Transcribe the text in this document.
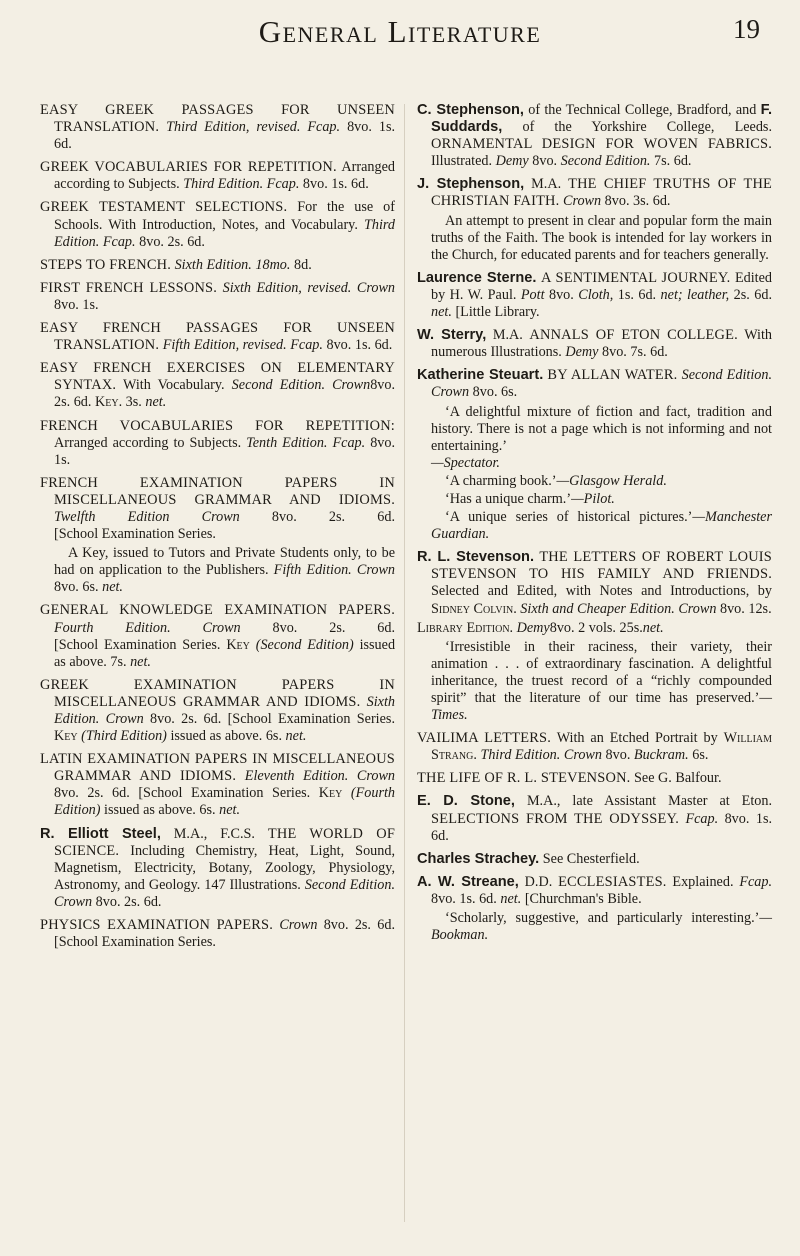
General Literature	19

EASY GREEK PASSAGES FOR UNSEEN TRANSLATION. Third Edition, revised. Fcap. 8vo. 1s. 6d.

GREEK VOCABULARIES FOR REPETITION. Arranged according to Subjects. Third Edition. Fcap. 8vo. 1s. 6d.

GREEK TESTAMENT SELECTIONS. For the use of Schools. With Introduction, Notes, and Vocabulary. Third Edition. Fcap. 8vo. 2s. 6d.

STEPS TO FRENCH. Sixth Edition. 18mo. 8d.

FIRST FRENCH LESSONS. Sixth Edition, revised. Crown 8vo. 1s.

EASY FRENCH PASSAGES FOR UNSEEN TRANSLATION. Fifth Edition, revised. Fcap. 8vo. 1s. 6d.

EASY FRENCH EXERCISES ON ELEMENTARY SYNTAX. With Vocabulary. Second Edition. Crown8vo. 2s. 6d. Key. 3s. net.

FRENCH VOCABULARIES FOR REPETITION: Arranged according to Subjects. Tenth Edition. Fcap. 8vo. 1s.

FRENCH EXAMINATION PAPERS IN MISCELLANEOUS GRAMMAR AND IDIOMS. Twelfth Edition Crown 8vo. 2s. 6d. [School Examination Series.

A Key, issued to Tutors and Private Students only, to be had on application to the Publishers. Fifth Edition. Crown 8vo. 6s. net.

GENERAL KNOWLEDGE EXAMINATION PAPERS. Fourth Edition. Crown 8vo. 2s. 6d. [School Examination Series. Key (Second Edition) issued as above. 7s. net.

GREEK EXAMINATION PAPERS IN MISCELLANEOUS GRAMMAR AND IDIOMS. Sixth Edition. Crown 8vo. 2s. 6d. [School Examination Series. Key (Third Edition) issued as above. 6s. net.

LATIN EXAMINATION PAPERS IN MISCELLANEOUS GRAMMAR AND IDIOMS. Eleventh Edition. Crown 8vo. 2s. 6d. [School Examination Series. Key (Fourth Edition) issued as above. 6s. net.

R. Elliott Steel, M.A., F.C.S. THE WORLD OF SCIENCE. Including Chemistry, Heat, Light, Sound, Magnetism, Electricity, Botany, Zoology, Physiology, Astronomy, and Geology. 147 Illustrations. Second Edition. Crown 8vo. 2s. 6d.

PHYSICS EXAMINATION PAPERS. Crown 8vo. 2s. 6d. [School Examination Series.

C. Stephenson, of the Technical College, Bradford, and F. Suddards, of the Yorkshire College, Leeds. ORNAMENTAL DESIGN FOR WOVEN FABRICS. Illustrated. Demy 8vo. Second Edition. 7s. 6d.

J. Stephenson, M.A. THE CHIEF TRUTHS OF THE CHRISTIAN FAITH. Crown 8vo. 3s. 6d.

An attempt to present in clear and popular form the main truths of the Faith. The book is intended for lay workers in the Church, for educated parents and for teachers generally.

Laurence Sterne. A SENTIMENTAL JOURNEY. Edited by H. W. Paul. Pott 8vo. Cloth, 1s. 6d. net; leather, 2s. 6d. net. [Little Library.

W. Sterry, M.A. ANNALS OF ETON COLLEGE. With numerous Illustrations. Demy 8vo. 7s. 6d.

Katherine Steuart. BY ALLAN WATER. Second Edition. Crown 8vo. 6s.

‘A delightful mixture of fiction and fact, tradition and history. There is not a page which is not informing and not entertaining.’
—Spectator.

‘A charming book.’—Glasgow Herald.

‘Has a unique charm.’—Pilot.

‘A unique series of historical pictures.’—Manchester Guardian.

R. L. Stevenson. THE LETTERS OF ROBERT LOUIS STEVENSON TO HIS FAMILY AND FRIENDS. Selected and Edited, with Notes and Introductions, by Sidney Colvin. Sixth and Cheaper Edition. Crown 8vo. 12s.

Library Edition. Demy8vo. 2 vols. 25s.net.

‘Irresistible in their raciness, their variety, their animation . . . of extraordinary fascination. A delightful inheritance, the truest record of a “richly compounded spirit” that the literature of our time has preserved.’—Times.

VAILIMA LETTERS. With an Etched Portrait by William Strang. Third Edition. Crown 8vo. Buckram. 6s.

THE LIFE OF R. L. STEVENSON. See G. Balfour.

E. D. Stone, M.A., late Assistant Master at Eton. SELECTIONS FROM THE ODYSSEY. Fcap. 8vo. 1s. 6d.

Charles Strachey. See Chesterfield.

A. W. Streane, D.D. ECCLESIASTES. Explained. Fcap. 8vo. 1s. 6d. net. [Churchman's Bible.

‘Scholarly, suggestive, and particularly interesting.’—Bookman.
